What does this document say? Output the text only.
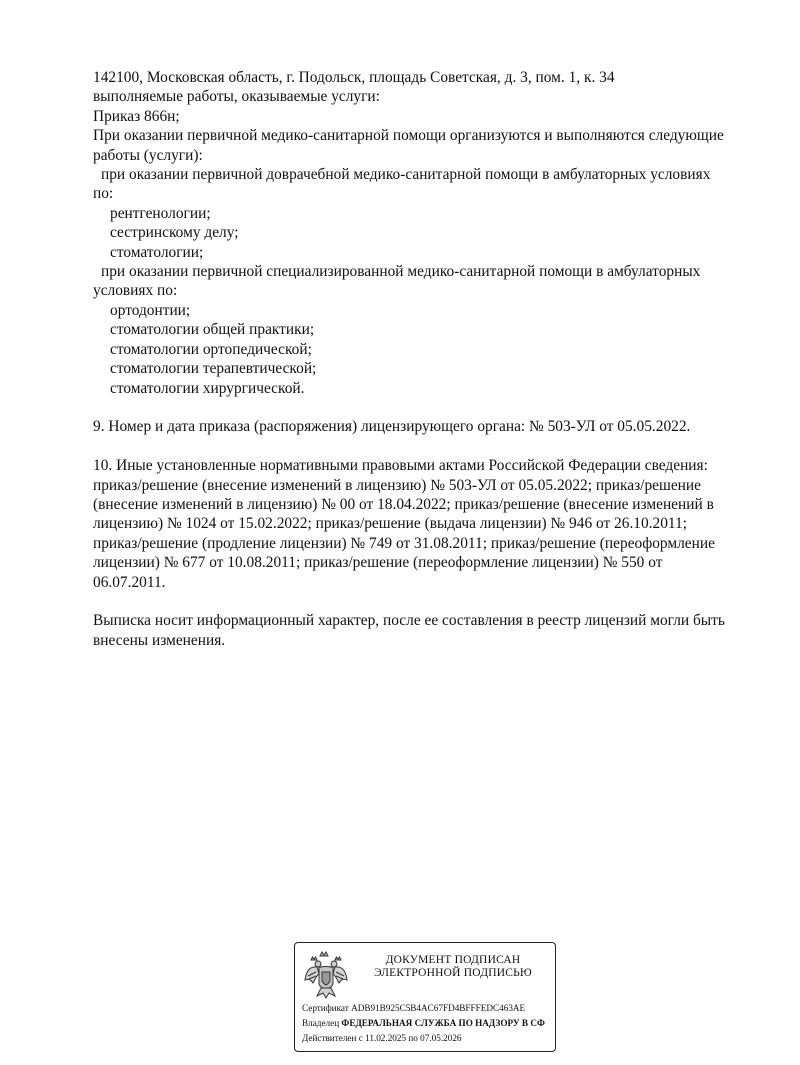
142100, Московская область, г. Подольск, площадь Советская, д. 3, пом. 1, к. 34
выполняемые работы, оказываемые услуги:
Приказ 866н;
При оказании первичной медико-санитарной помощи организуются и выполняются следующие
работы (услуги):
при оказании первичной доврачебной медико-санитарной помощи в амбулаторных условиях
по:
рентгенологии;
сестринскому делу;
стоматологии;
при оказании первичной специализированной медико-санитарной помощи в амбулаторных
условиях по:
ортодонтии;
стоматологии общей практики;
стоматологии ортопедической;
стоматологии терапевтической;
стоматологии хирургической.
9. Номер и дата приказа (распоряжения) лицензирующего органа: № 503-УЛ от 05.05.2022.
10. Иные установленные нормативными правовыми актами Российской Федерации сведения:
приказ/решение (внесение изменений в лицензию) № 503-УЛ от 05.05.2022; приказ/решение
(внесение изменений в лицензию) № 00 от 18.04.2022; приказ/решение (внесение изменений в
лицензию) № 1024 от 15.02.2022; приказ/решение (выдача лицензии) № 946 от 26.10.2011;
приказ/решение (продление лицензии) № 749 от 31.08.2011; приказ/решение (переоформление
лицензии) № 677 от 10.08.2011; приказ/решение (переоформление лицензии) № 550 от
06.07.2011.
Выписка носит информационный характер, после ее составления в реестр лицензий могли быть
внесены изменения.
ДОКУМЕНТ ПОДПИСАН
ЭЛЕКТРОННОЙ ПОДПИСЬЮ
Сертификат ADB91B925C5B4AC67FD4BFFFEDC463AE
Владелец ФЕДЕРАЛЬНАЯ СЛУЖБА ПО НАДЗОРУ В СФ
Действителен с 11.02.2025 по 07.05.2026
